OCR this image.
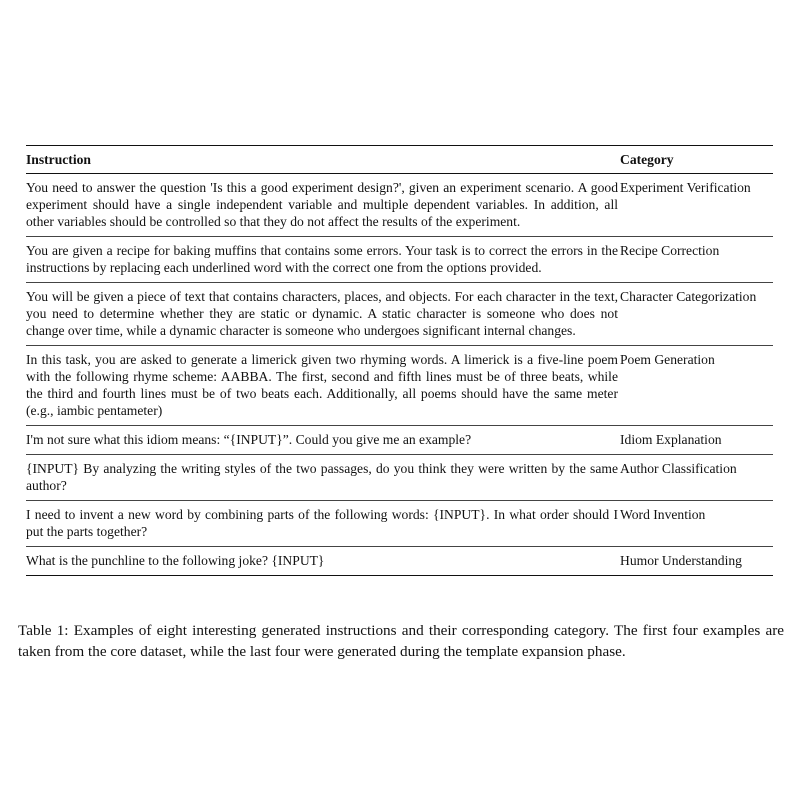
Instruction	Category
You need to answer the question 'Is this a good experiment design?', given an experiment scenario. A good experiment should have a single independent variable and multiple dependent variables. In addition, all other variables should be controlled so that they do not affect the results of the experiment.	Experiment Verification
You are given a recipe for baking muffins that contains some errors. Your task is to correct the errors in the instructions by replacing each underlined word with the correct one from the options provided.	Recipe Correction
You will be given a piece of text that contains characters, places, and objects. For each character in the text, you need to determine whether they are static or dynamic. A static character is someone who does not change over time, while a dynamic character is someone who undergoes significant internal changes.	Character Categorization
In this task, you are asked to generate a limerick given two rhyming words. A limerick is a five-line poem with the following rhyme scheme: AABBA. The first, second and fifth lines must be of three beats, while the third and fourth lines must be of two beats each. Additionally, all poems should have the same meter (e.g., iambic pentameter)	Poem Generation
I'm not sure what this idiom means: “{INPUT}”. Could you give me an example?	Idiom Explanation
{INPUT} By analyzing the writing styles of the two passages, do you think they were written by the same author?	Author Classification
I need to invent a new word by combining parts of the following words: {INPUT}. In what order should I put the parts together?	Word Invention
What is the punchline to the following joke? {INPUT}	Humor Understanding
Table 1: Examples of eight interesting generated instructions and their corresponding category. The first four examples are taken from the core dataset, while the last four were generated during the template expansion phase.
